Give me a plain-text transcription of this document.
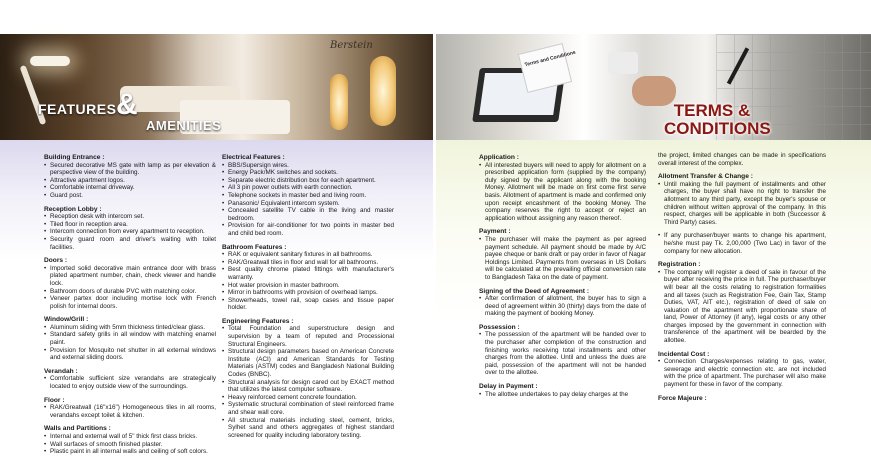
Berstein
FEATURES &
AMENITIES
Terms and Conditions
TERMS &
CONDITIONS
Building Entrance :
• Secured decorative MS gate with lamp as per elevation & perspective view of the building.
• Attractive apartment logos.
• Comfortable internal driveway.
• Guard post.
Reception Lobby :
• Reception desk with intercom set.
• Tiled floor in reception area.
• Intercom connection from every apartment to reception.
• Security guard room and driver's waiting with toilet facilities.
Doors :
• Imported solid decorative main entrance door with brass plated apartment number, chain, check viewer and handle lock.
• Bathroom doors of durable PVC with matching color.
• Veneer partex door including mortise lock with French polish for internal doors.
Window/Grill :
• Aluminum sliding with 5mm thickness tinted/clear glass.
• Standard safety grills in all window with matching enamel paint.
• Provision for Mosquito net shutter in all external windows and external sliding doors.
Verandah :
• Comfortable sufficient size verandahs are strategically located to enjoy outside view of the surroundings.
Floor :
• RAK/Greatwall (16"x16") Homogeneous tiles in all rooms, verandahs except toilet & kitchen.
Walls and Partitions :
• Internal and external wall of 5" thick first class bricks.
• Wall surfaces of smooth finished plaster.
• Plastic paint in all internal walls and ceiling of soft colors.
Electrical Features :
• BBS/Supersign wires.
• Energy Pack/MK switches and sockets.
• Separate electric distribution box for each apartment.
• All 3 pin power outlets with earth connection.
• Telephone sockets in master bed and living room.
• Panasonic/ Equivalent intercom system.
• Concealed satellite TV cable in the living and master bedroom.
• Provision for air-conditioner for two points in master bed and child bed room.
Bathroom Features :
• RAK or equivalent sanitary fixtures in all bathrooms.
• RAK/Greatwall tiles in floor and wall for all bathrooms.
• Best quality chrome plated fittings with manufacturer's warranty.
• Hot water provision in master bathroom.
• Mirror in bathrooms with provision of overhead lamps.
• Showerheads, towel rail, soap cases and tissue paper holder.
Engineering Features :
• Total Foundation and superstructure design and supervision by a team of reputed and Processional Structural Engineers.
• Structural design parameters based on American Concrete Institute (ACI) and American Standards for Testing Materials (ASTM) codes and Bangladesh National Building Codes (BNBC).
• Structural analysis for design cared out by EXACT method that utilizes the latest computer software.
• Heavy reinforced cement concrete foundation.
• Systematic structural combination of steel reinforced frame and shear wall core.
• All structural materials including steel, cement, bricks, Sylhet sand and others aggregates of highest standard screened for quality including laboratory testing.
Application :
• All interested buyers will need to apply for allotment on a prescribed application form (supplied by the company) duly signed by the applicant along with the booking Money. Allotment will be made on first come first serve basis. Allotment of apartment is made and confirmed only upon receipt encashment of the booking Money. The company reserves the right to accept or reject an application without assigning any reason thereof.
Payment :
• The purchaser will make the payment as per agreed payment schedule. All payment should be made by A/C payee cheque or bank draft or pay order in favor of Nagar Holdings Limited. Payments from overseas in US Dollars will be calculated at the prevailing official conversion rate to Bangladesh Taka on the date of payment.
Signing of the Deed of Agreement :
• After confirmation of allotment, the buyer has to sign a deed of agreement within 30 (thirty) days from the date of making the payment of booking Money.
Possession :
• The possession of the apartment will be handed over to the purchaser after completion of the construction and finishing works receiving total installments and other charges from the allottee. Until and unless the dues are paid, possession of the apartment will not be handed over to the allottee.
Delay in Payment :
• The allottee undertakes to pay delay charges at the
the project, limited changes can be made in specifications overall interest of the complex.
Allotment Transfer & Change :
• Until making the full payment of installments and other charges, the buyer shall have no right to transfer the allotment to any third party, except the buyer's spouse or children without written approval of the company. In this respect, charges will be applicable in both (Successor & Third Party) cases.
• If any purchaser/buyer wants to change his apartment, he/she must pay Tk. 2,00,000 (Two Lac) in favor of the company for new allocation.
Registration :
• The company will register a deed of sale in favour of the buyer after receiving the price in full. The purchaser/buyer will bear all the costs relating to registration formalities and all taxes (such as Registration Fee, Gain Tax, Stamp Duties, VAT, AIT etc.), registration of deed of sale on valuation of the apartment with proportionate share of land, Power of Attorney (if any), legal costs or any other charges imposed by the government in connection with transference of the apartment will be bearded by the allottee.
Incidental Cost :
• Connection Charges/expenses relating to gas, water, sewerage and electric connection etc. are not included with the price of apartment. The purchaser will also make payment for these in favor of the company.
Force Majeure :
